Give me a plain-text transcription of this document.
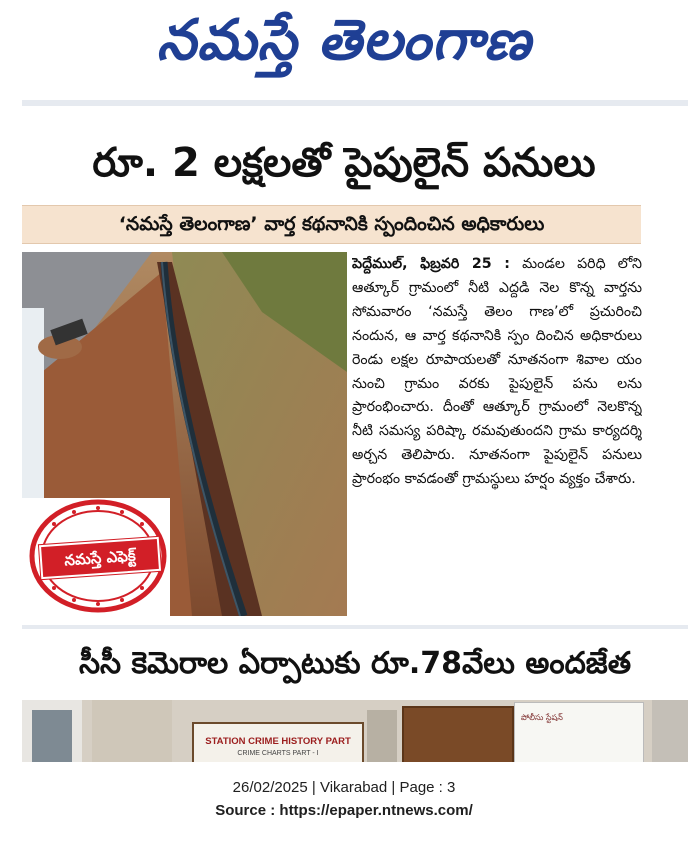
నమస్తే తెలంగాణ
రూ. 2 లక్షలతో పైపులైన్ పనులు
‘నమస్తే తెలంగాణ’ వార్త కథనానికి స్పందించిన అధికారులు
నమస్తే ఎఫెక్ట్
పెద్దేముల్, ఫిబ్రవరి 25 : మండల పరిధి లోని ఆత్కూర్ గ్రామంలో నీటి ఎద్దడి నెల కొన్న వార్తను సోమవారం ‘నమస్తే తెలం గాణ’లో ప్రచురించి నందున, ఆ వార్త కథనానికి స్పం దించిన అధికారులు రెండు లక్షల రూపాయలతో నూతనంగా శివాల యం నుంచి గ్రామం వరకు పైపులైన్ పను లను ప్రారంభించారు. దీంతో ఆత్కూర్ గ్రామంలో నెలకొన్న నీటి సమస్య పరిష్కా రమవుతుందని గ్రామ కార్యదర్శి అర్చన తెలిపారు. నూతనంగా పైపులైన్ పనులు ప్రారంభం కావడంతో గ్రామస్థులు హర్షం వ్యక్తం చేశారు.
సీసీ కెమెరాల ఏర్పాటుకు రూ.78వేలు అందజేత
STATION CRIME HISTORY PART
CRIME CHARTS PART - I
పోలీసు స్టేషన్
26/02/2025 | Vikarabad | Page : 3
Source : https://epaper.ntnews.com/
